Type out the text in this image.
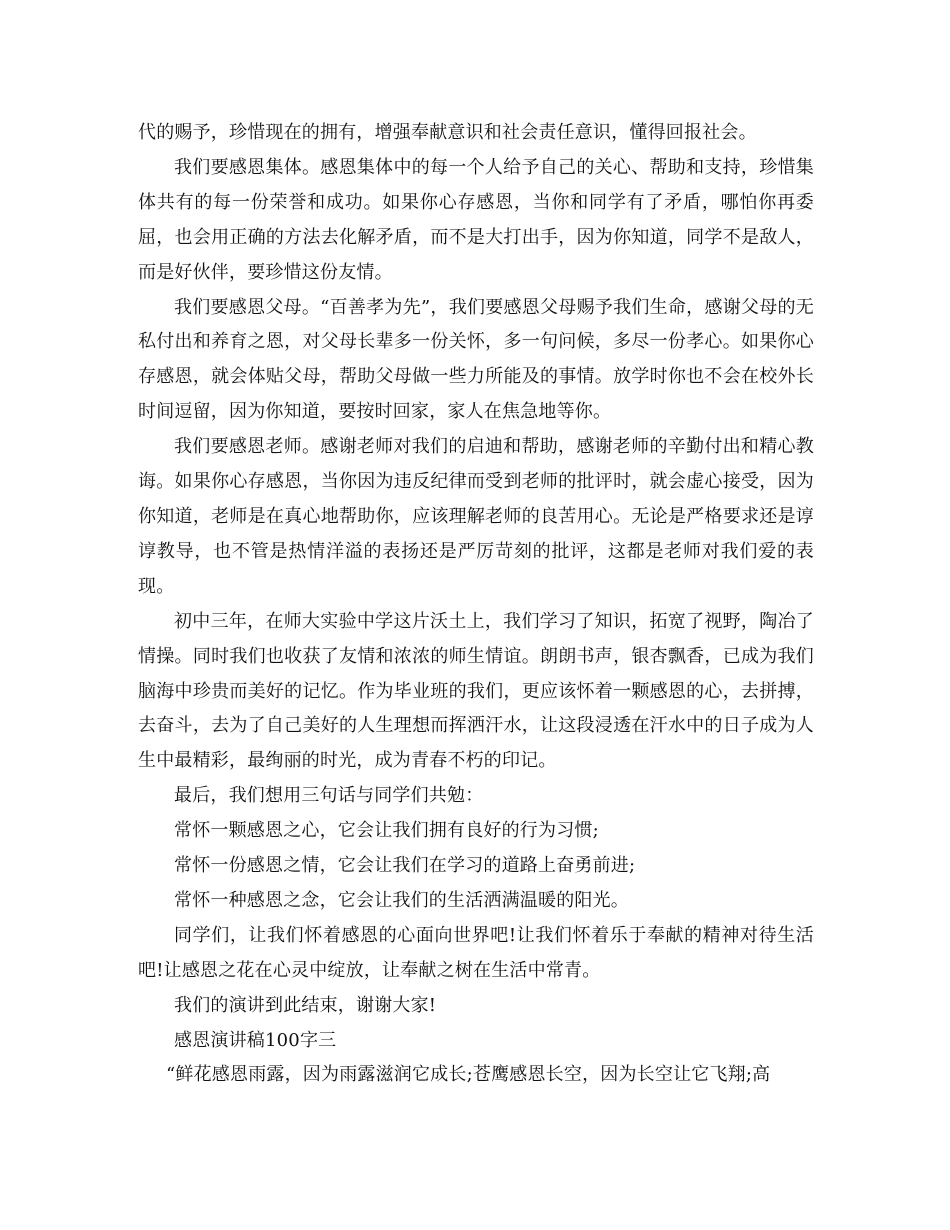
代的赐予，珍惜现在的拥有，增强奉献意识和社会责任意识，懂得回报社会。

我们要感恩集体。感恩集体中的每一个人给予自己的关心、帮助和支持，珍惜集体共有的每一份荣誉和成功。如果你心存感恩，当你和同学有了矛盾，哪怕你再委屈，也会用正确的方法去化解矛盾，而不是大打出手，因为你知道，同学不是敌人，而是好伙伴，要珍惜这份友情。

我们要感恩父母。“百善孝为先”，我们要感恩父母赐予我们生命，感谢父母的无私付出和养育之恩，对父母长辈多一份关怀，多一句问候，多尽一份孝心。如果你心存感恩，就会体贴父母，帮助父母做一些力所能及的事情。放学时你也不会在校外长时间逗留，因为你知道，要按时回家，家人在焦急地等你。

我们要感恩老师。感谢老师对我们的启迪和帮助，感谢老师的辛勤付出和精心教诲。如果你心存感恩，当你因为违反纪律而受到老师的批评时，就会虚心接受，因为你知道，老师是在真心地帮助你，应该理解老师的良苦用心。无论是严格要求还是谆谆教导，也不管是热情洋溢的表扬还是严厉苛刻的批评，这都是老师对我们爱的表现。

初中三年，在师大实验中学这片沃土上，我们学习了知识，拓宽了视野，陶冶了情操。同时我们也收获了友情和浓浓的师生情谊。朗朗书声，银杏飘香，已成为我们脑海中珍贵而美好的记忆。作为毕业班的我们，更应该怀着一颗感恩的心，去拼搏，去奋斗，去为了自己美好的人生理想而挥洒汗水，让这段浸透在汗水中的日子成为人生中最精彩，最绚丽的时光，成为青春不朽的印记。

最后，我们想用三句话与同学们共勉：

常怀一颗感恩之心，它会让我们拥有良好的行为习惯;

常怀一份感恩之情，它会让我们在学习的道路上奋勇前进;

常怀一种感恩之念，它会让我们的生活洒满温暖的阳光。

同学们，让我们怀着感恩的心面向世界吧!让我们怀着乐于奉献的精神对待生活吧!让感恩之花在心灵中绽放，让奉献之树在生活中常青。

我们的演讲到此结束，谢谢大家!

感恩演讲稿100字三

“鲜花感恩雨露，因为雨露滋润它成长;苍鹰感恩长空，因为长空让它飞翔;高
